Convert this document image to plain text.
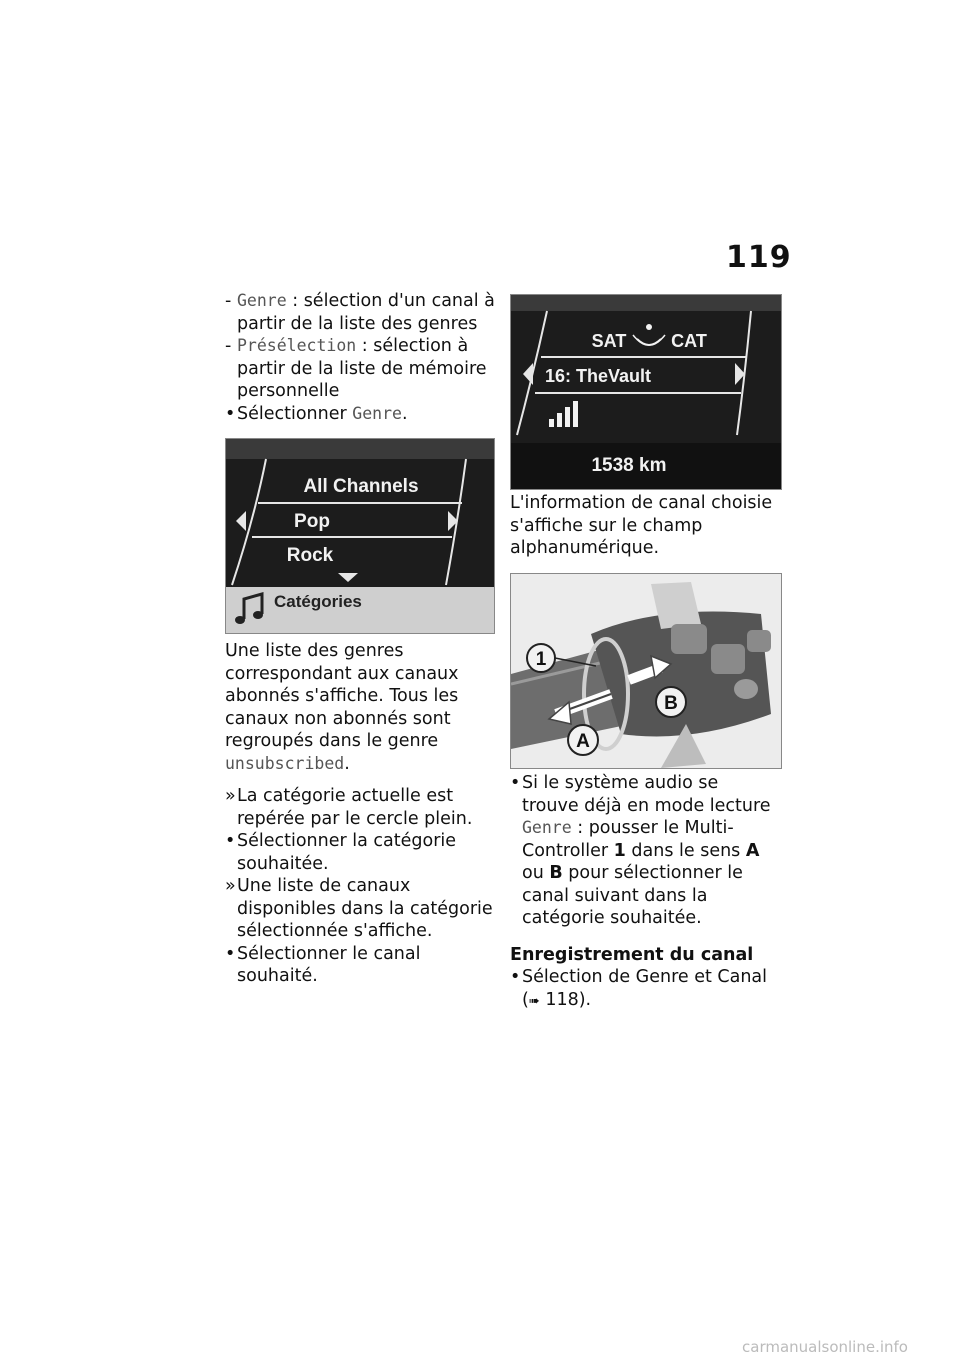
119

- Genre : sélection d'un canal à partir de la liste des genres

- Présélection : sélection à partir de la liste de mémoire personnelle

• Sélectionner Genre.

All Channels
Pop
Rock
Catégories

Une liste des genres correspondant aux canaux abonnés s'affiche. Tous les canaux non abonnés sont regroupés dans le genre unsubscribed.

» La catégorie actuelle est repérée par le cercle plein.

• Sélectionner la catégorie souhaitée.

» Une liste de canaux disponibles dans la catégorie sélectionnée s'affiche.

• Sélectionner le canal souhaité.

SAT CAT
16: TheVault
1538 km

L'information de canal choisie s'affiche sur le champ alphanumérique.

1
B
A

• Si le système audio se trouve déjà en mode lecture Genre : pousser le Multi-Controller 1 dans le sens A ou B pour sélectionner le canal suivant dans la catégorie souhaitée.

Enregistrement du canal

• Sélection de Genre et Canal (➠ 118).

carmanualsonline.info
